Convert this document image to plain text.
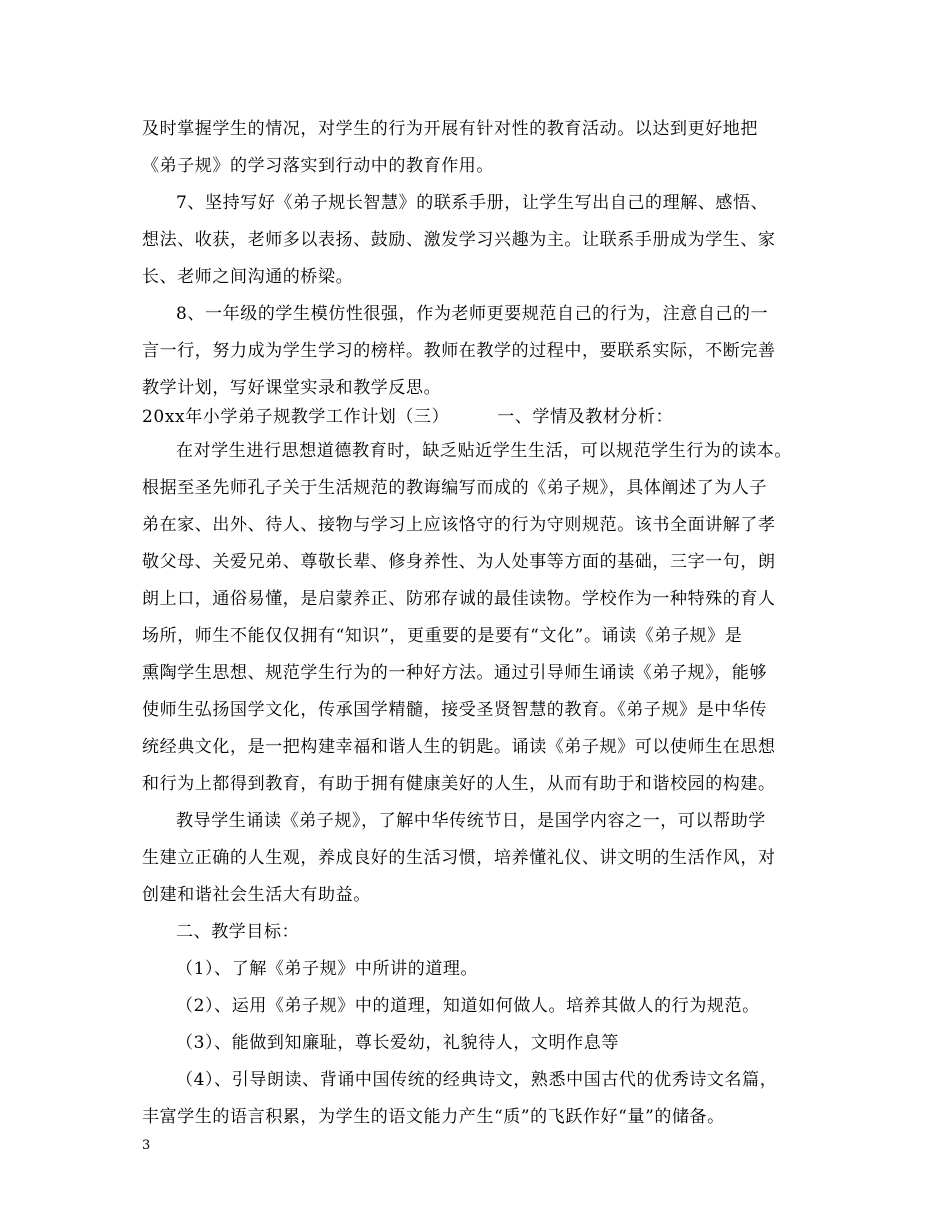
及时掌握学生的情况，对学生的行为开展有针对性的教育活动。以达到更好地把
《弟子规》的学习落实到行动中的教育作用。
7、坚持写好《弟子规长智慧》的联系手册，让学生写出自己的理解、感悟、
想法、收获，老师多以表扬、鼓励、激发学习兴趣为主。让联系手册成为学生、家
长、老师之间沟通的桥梁。
8、一年级的学生模仿性很强，作为老师更要规范自己的行为，注意自己的一
言一行，努力成为学生学习的榜样。教师在教学的过程中，要联系实际，不断完善
教学计划，写好课堂实录和教学反思。
20xx年小学弟子规教学工作计划（三）        一、学情及教材分析：
在对学生进行思想道德教育时，缺乏贴近学生生活，可以规范学生行为的读本。
根据至圣先师孔子关于生活规范的教诲编写而成的《弟子规》，具体阐述了为人子
弟在家、出外、待人、接物与学习上应该恪守的行为守则规范。该书全面讲解了孝
敬父母、关爱兄弟、尊敬长辈、修身养性、为人处事等方面的基础，三字一句，朗
朗上口，通俗易懂，是启蒙养正、防邪存诚的最佳读物。学校作为一种特殊的育人
场所，师生不能仅仅拥有“知识”，更重要的是要有“文化”。诵读《弟子规》是
熏陶学生思想、规范学生行为的一种好方法。通过引导师生诵读《弟子规》，能够
使师生弘扬国学文化，传承国学精髓，接受圣贤智慧的教育。《弟子规》是中华传
统经典文化，是一把构建幸福和谐人生的钥匙。诵读《弟子规》可以使师生在思想
和行为上都得到教育，有助于拥有健康美好的人生，从而有助于和谐校园的构建。
教导学生诵读《弟子规》，了解中华传统节日，是国学内容之一，可以帮助学
生建立正确的人生观，养成良好的生活习惯，培养懂礼仪、讲文明的生活作风，对
创建和谐社会生活大有助益。
二、教学目标：
（1）、了解《弟子规》中所讲的道理。
（2）、运用《弟子规》中的道理，知道如何做人。培养其做人的行为规范。
（3）、能做到知廉耻，尊长爱幼，礼貌待人，文明作息等
（4）、引导朗读、背诵中国传统的经典诗文，熟悉中国古代的优秀诗文名篇，
丰富学生的语言积累，为学生的语文能力产生“质”的飞跃作好“量”的储备。
3
